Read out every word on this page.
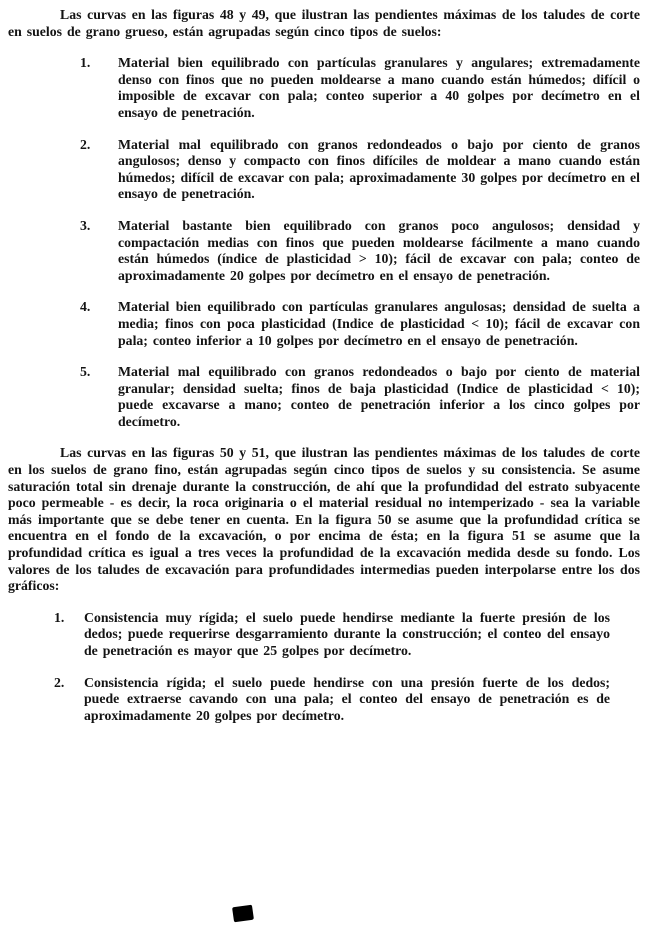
Las curvas en las figuras 48 y 49, que ilustran las pendientes máximas de los taludes de corte en suelos de grano grueso, están agrupadas según cinco tipos de suelos:

1.	Material bien equilibrado con partículas granulares y angulares; extremadamente denso con finos que no pueden moldearse a mano cuando están húmedos; difícil o imposible de excavar con pala; conteo superior a 40 golpes por decímetro en el ensayo de penetración.
2.	Material mal equilibrado con granos redondeados o bajo por ciento de granos angulosos; denso y compacto con finos difíciles de moldear a mano cuando están húmedos; difícil de excavar con pala; aproximadamente 30 golpes por decímetro en el ensayo de penetración.
3.	Material bastante bien equilibrado con granos poco angulosos; densidad y compactación medias con finos que pueden moldearse fácilmente a mano cuando están húmedos (índice de plasticidad > 10); fácil de excavar con pala; conteo de aproximadamente 20 golpes por decímetro en el ensayo de penetración.
4.	Material bien equilibrado con partículas granulares angulosas; densidad de suelta a media; finos con poca plasticidad (Indice de plasticidad < 10); fácil de excavar con pala; conteo inferior a 10 golpes por decímetro en el ensayo de penetración.
5.	Material mal equilibrado con granos redondeados o bajo por ciento de material granular; densidad suelta; finos de baja plasticidad (Indice de plasticidad < 10); puede excavarse a mano; conteo de penetración inferior a los cinco golpes por decímetro.

Las curvas en las figuras 50 y 51, que ilustran las pendientes máximas de los taludes de corte en los suelos de grano fino, están agrupadas según cinco tipos de suelos y su consistencia. Se asume saturación total sin drenaje durante la construcción, de ahí que la profundidad del estrato subyacente poco permeable - es decir, la roca originaria o el material residual no intemperizado - sea la variable más importante que se debe tener en cuenta. En la figura 50 se asume que la profundidad crítica se encuentra en el fondo de la excavación, o por encima de ésta; en la figura 51 se asume que la profundidad crítica es igual a tres veces la profundidad de la excavación medida desde su fondo. Los valores de los taludes de excavación para profundidades intermedias pueden interpolarse entre los dos gráficos:

1.	Consistencia muy rígida; el suelo puede hendirse mediante la fuerte presión de los dedos; puede requerirse desgarramiento durante la construcción; el conteo del ensayo de penetración es mayor que 25 golpes por decímetro.
2.	Consistencia rígida; el suelo puede hendirse con una presión fuerte de los dedos; puede extraerse cavando con una pala; el conteo del ensayo de penetración es de aproximadamente 20 golpes por decímetro.
